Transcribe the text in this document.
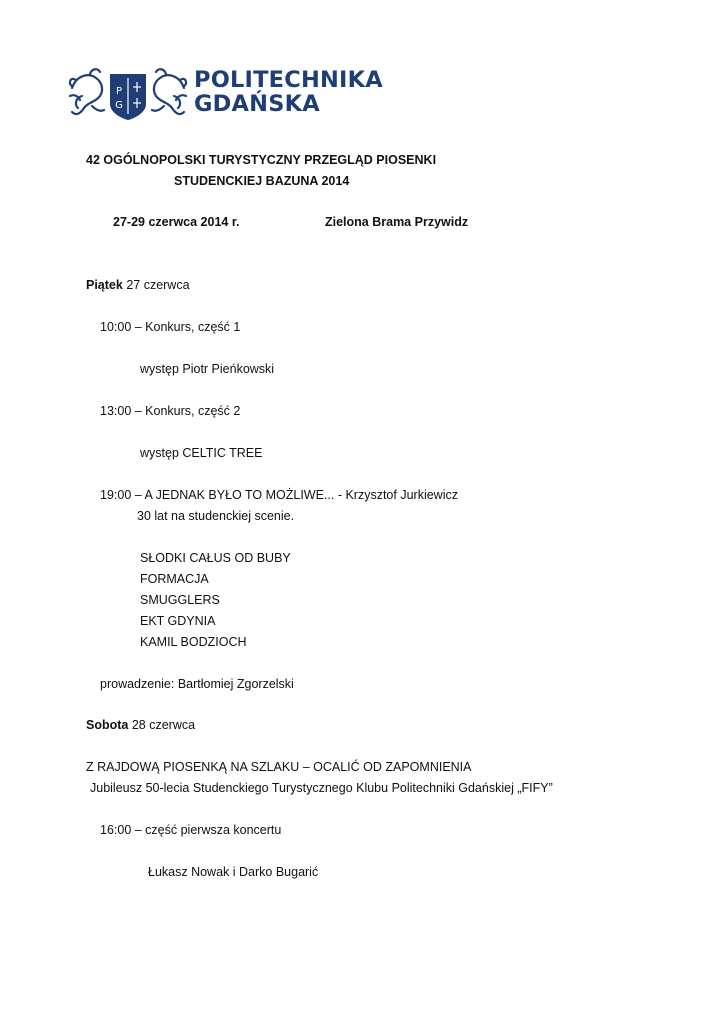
P
G
POLITECHNIKA
GDAŃSKA
42 OGÓLNOPOLSKI TURYSTYCZNY PRZEGLĄD PIOSENKI
STUDENCKIEJ BAZUNA 2014
27-29 czerwca 2014 r.	Zielona Brama Przywidz
Piątek 27 czerwca
10:00 – Konkurs, część 1
występ Piotr Pieńkowski
13:00 – Konkurs, część 2
występ CELTIC TREE
19:00 – A JEDNAK BYŁO TO MOŻLIWE... - Krzysztof Jurkiewicz
30 lat na studenckiej scenie.
SŁODKI CAŁUS OD BUBY
FORMACJA
SMUGGLERS
EKT GDYNIA
KAMIL BODZIOCH
prowadzenie: Bartłomiej Zgorzelski
Sobota 28 czerwca
Z RAJDOWĄ PIOSENKĄ NA SZLAKU – OCALIĆ OD ZAPOMNIENIA
Jubileusz 50-lecia Studenckiego Turystycznego Klubu Politechniki Gdańskiej „FIFY”
16:00 – część pierwsza koncertu
Łukasz Nowak i Darko Bugarić
